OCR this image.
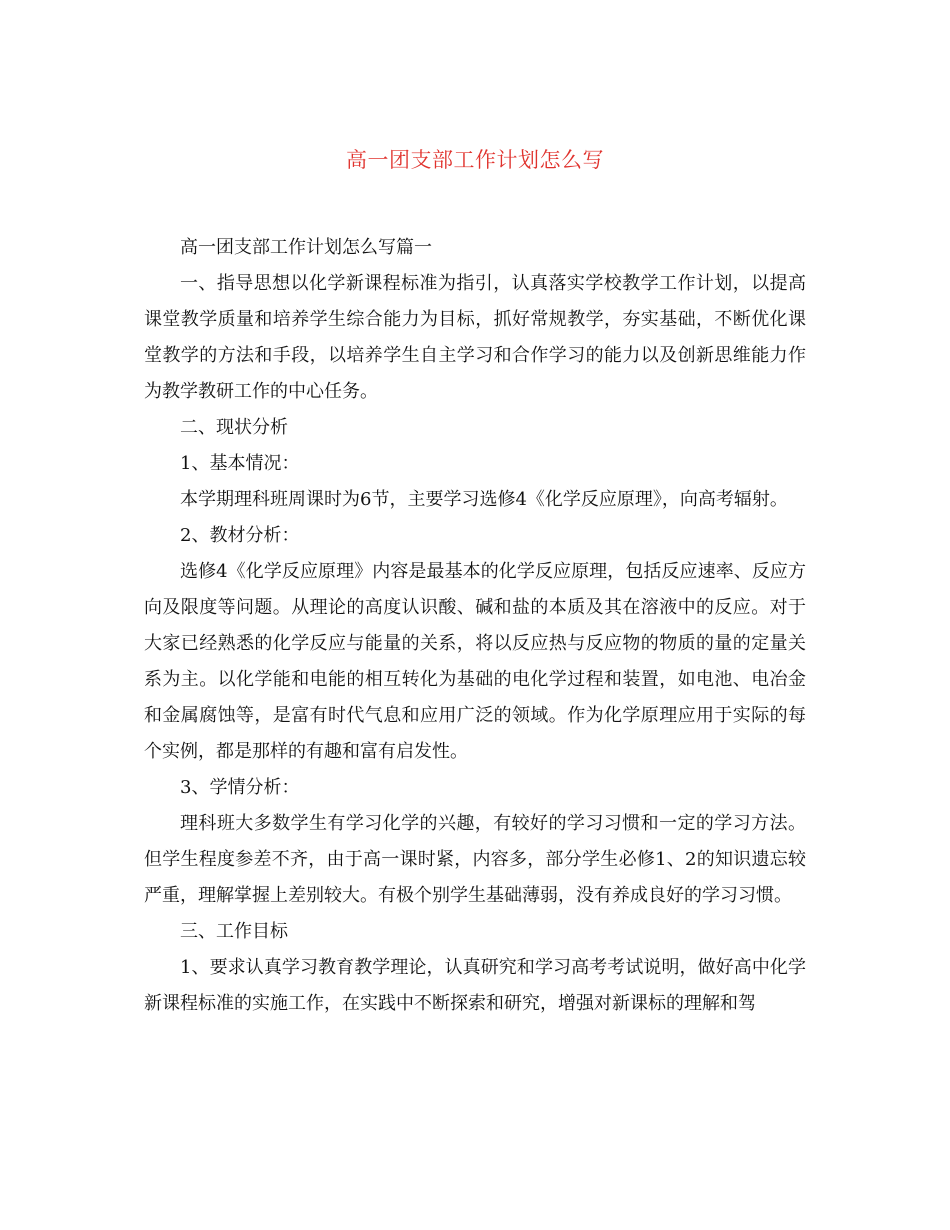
高一团支部工作计划怎么写

高一团支部工作计划怎么写篇一

一、指导思想以化学新课程标准为指引，认真落实学校教学工作计划，以提高课堂教学质量和培养学生综合能力为目标，抓好常规教学，夯实基础，不断优化课堂教学的方法和手段，以培养学生自主学习和合作学习的能力以及创新思维能力作为教学教研工作的中心任务。

二、现状分析

1、基本情况：

本学期理科班周课时为6节，主要学习选修4《化学反应原理》，向高考辐射。

2、教材分析：

选修4《化学反应原理》内容是最基本的化学反应原理，包括反应速率、反应方向及限度等问题。从理论的高度认识酸、碱和盐的本质及其在溶液中的反应。对于大家已经熟悉的化学反应与能量的关系，将以反应热与反应物的物质的量的定量关系为主。以化学能和电能的相互转化为基础的电化学过程和装置，如电池、电冶金和金属腐蚀等，是富有时代气息和应用广泛的领域。作为化学原理应用于实际的每个实例，都是那样的有趣和富有启发性。

3、学情分析：

理科班大多数学生有学习化学的兴趣，有较好的学习习惯和一定的学习方法。但学生程度参差不齐，由于高一课时紧，内容多，部分学生必修1、2的知识遗忘较严重，理解掌握上差别较大。有极个别学生基础薄弱，没有养成良好的学习习惯。

三、工作目标

1、要求认真学习教育教学理论，认真研究和学习高考考试说明，做好高中化学新课程标准的实施工作，在实践中不断探索和研究，增强对新课标的理解和驾
